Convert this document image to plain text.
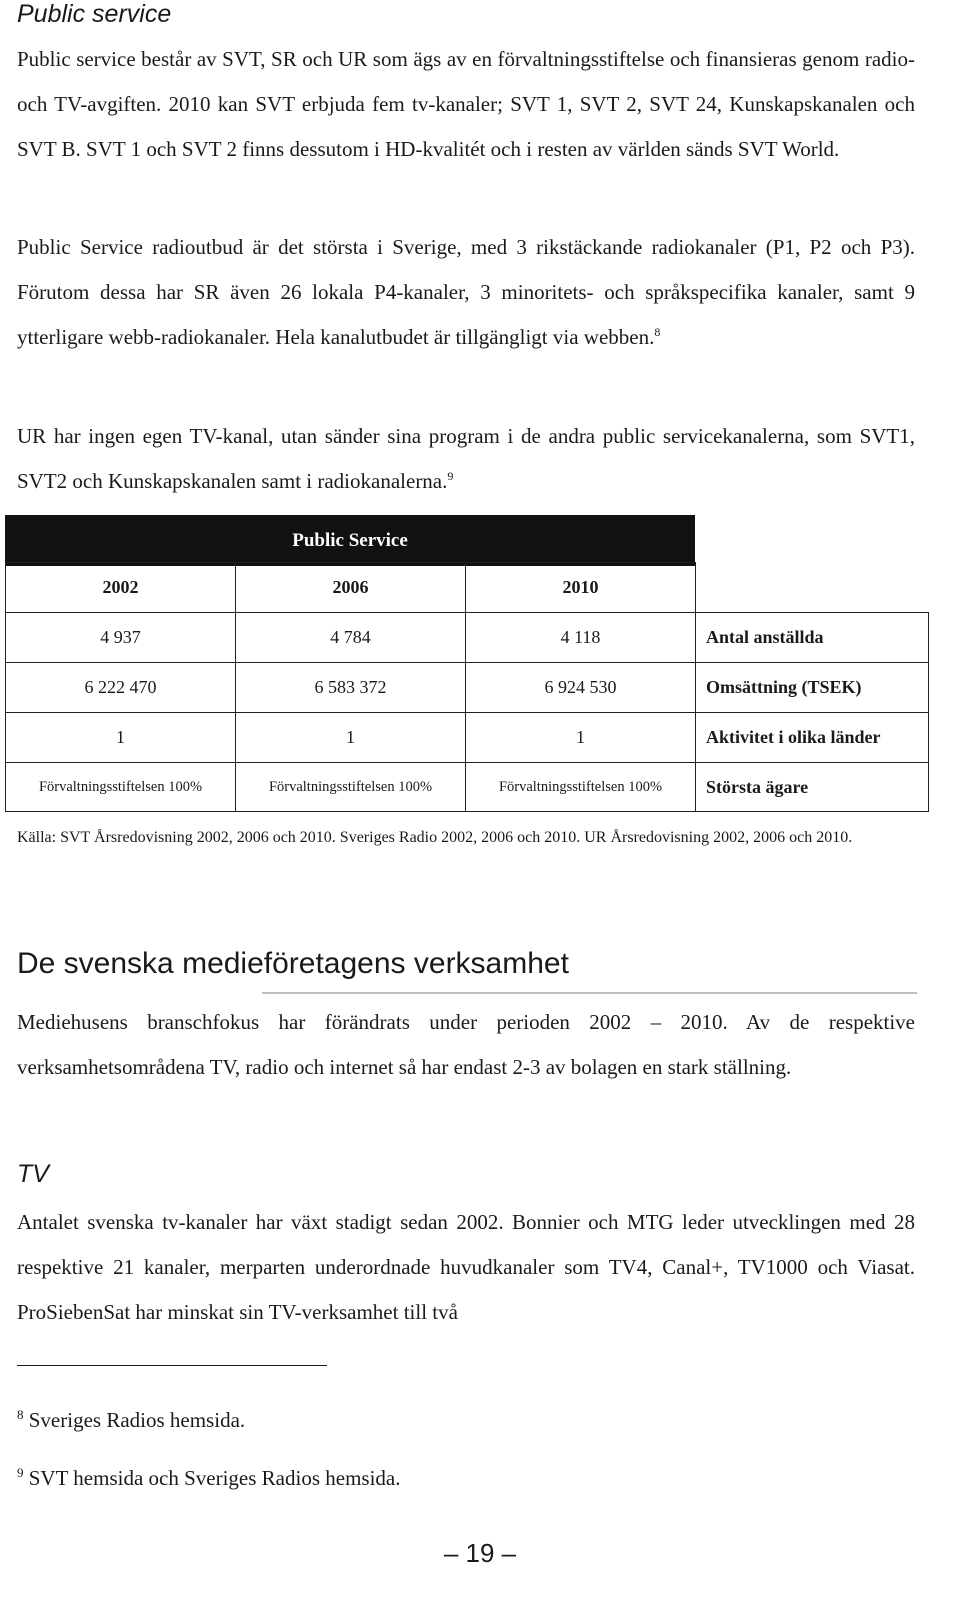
Public service

Public service består av SVT, SR och UR som ägs av en förvaltningsstiftelse och finansieras genom radio- och TV-avgiften. 2010 kan SVT erbjuda fem tv-kanaler; SVT 1, SVT 2, SVT 24, Kunskapskanalen och SVT B. SVT 1 och SVT 2 finns dessutom i HD-kvalitét och i resten av världen sänds SVT World.

Public Service radioutbud är det största i Sverige, med 3 rikstäckande radiokanaler (P1, P2 och P3). Förutom dessa har SR även 26 lokala P4-kanaler, 3 minoritets- och språkspecifika kanaler, samt 9 ytterligare webb-radiokanaler. Hela kanalutbudet är tillgängligt via webben.$^8$

UR har ingen egen TV-kanal, utan sänder sina program i de andra public servicekanalerna, som SVT1, SVT2 och Kunskapskanalen samt i radiokanalerna.$^9$

Public Service
2002	2006	2010
4 937	4 784	4 118	Antal anställda
6 222 470	6 583 372	6 924 530	Omsättning (TSEK)
1	1	1	Aktivitet i olika länder
Förvaltningsstiftelsen 100%	Förvaltningsstiftelsen 100%	Förvaltningsstiftelsen 100%	Största ägare

Källa: SVT Årsredovisning 2002, 2006 och 2010. Sveriges Radio 2002, 2006 och 2010. UR Årsredovisning 2002, 2006 och 2010.

De svenska medieföretagens verksamhet

Mediehusens branschfokus har förändrats under perioden 2002 – 2010. Av de respektive verksamhetsområdena TV, radio och internet så har endast 2-3 av bolagen en stark ställning.

TV

Antalet svenska tv-kanaler har växt stadigt sedan 2002. Bonnier och MTG leder utvecklingen med 28 respektive 21 kanaler, merparten underordnade huvudkanaler som TV4, Canal+, TV1000 och Viasat. ProSiebenSat har minskat sin TV-verksamhet till två

$^8$ Sveriges Radios hemsida.
$^9$ SVT hemsida och Sveriges Radios hemsida.
– 19 –
